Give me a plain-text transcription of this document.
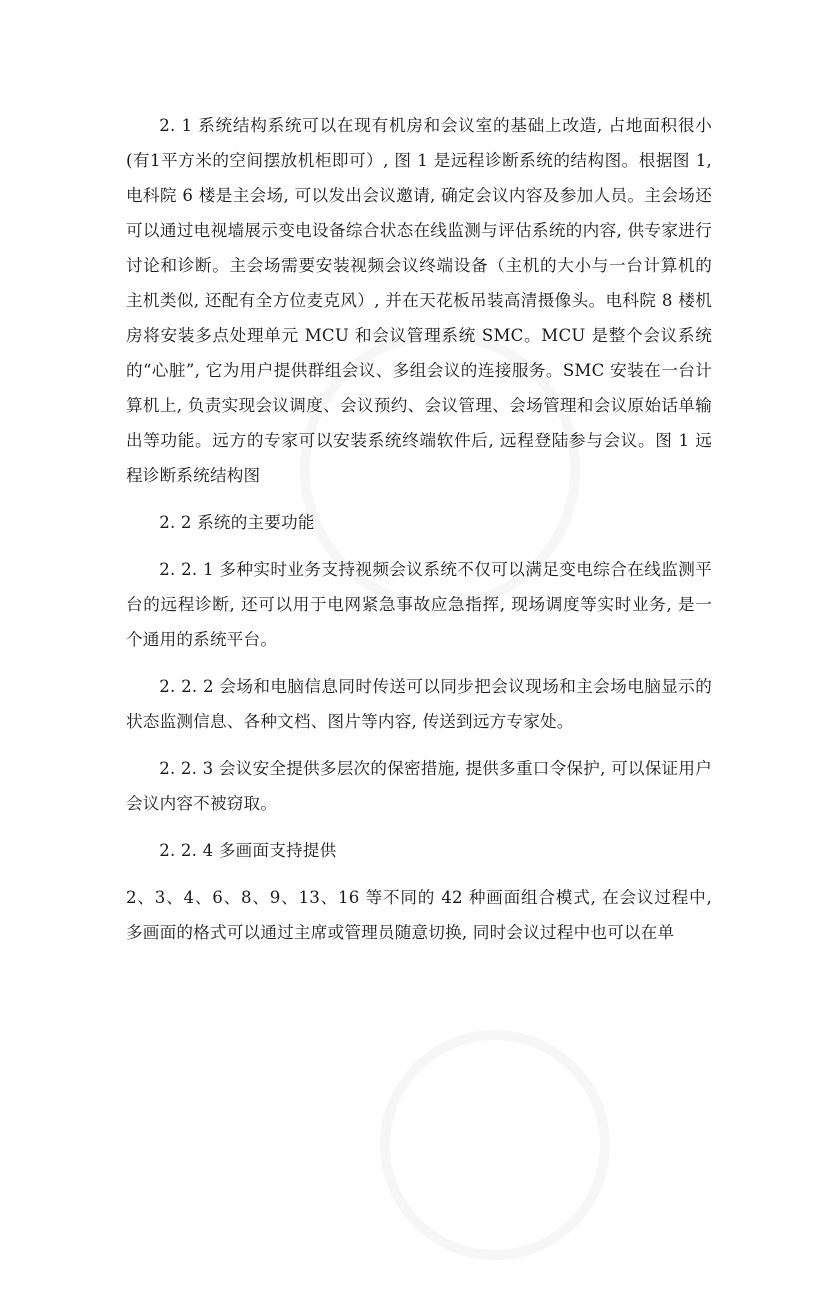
2. 1 系统结构系统可以在现有机房和会议室的基础上改造, 占地面积很小(有1平方米的空间摆放机柜即可）, 图 1 是远程诊断系统的结构图。根据图 1, 电科院 6 楼是主会场, 可以发出会议邀请, 确定会议内容及参加人员。主会场还可以通过电视墙展示变电设备综合状态在线监测与评估系统的内容, 供专家进行讨论和诊断。主会场需要安装视频会议终端设备（主机的大小与一台计算机的主机类似, 还配有全方位麦克风）, 并在天花板吊装高清摄像头。电科院 8 楼机房将安装多点处理单元 MCU 和会议管理系统 SMC。MCU 是整个会议系统的“心脏”, 它为用户提供群组会议、多组会议的连接服务。SMC 安装在一台计算机上, 负责实现会议调度、会议预约、会议管理、会场管理和会议原始话单输出等功能。远方的专家可以安装系统终端软件后, 远程登陆参与会议。图 1 远程诊断系统结构图

2. 2 系统的主要功能

2. 2. 1 多种实时业务支持视频会议系统不仅可以满足变电综合在线监测平台的远程诊断, 还可以用于电网紧急事故应急指挥, 现场调度等实时业务, 是一个通用的系统平台。

2. 2. 2 会场和电脑信息同时传送可以同步把会议现场和主会场电脑显示的状态监测信息、各种文档、图片等内容, 传送到远方专家处。

2. 2. 3 会议安全提供多层次的保密措施, 提供多重口令保护, 可以保证用户会议内容不被窃取。

2. 2. 4 多画面支持提供

2、3、4、6、8、9、13、16 等不同的 42 种画面组合模式, 在会议过程中, 多画面的格式可以通过主席或管理员随意切换, 同时会议过程中也可以在单
